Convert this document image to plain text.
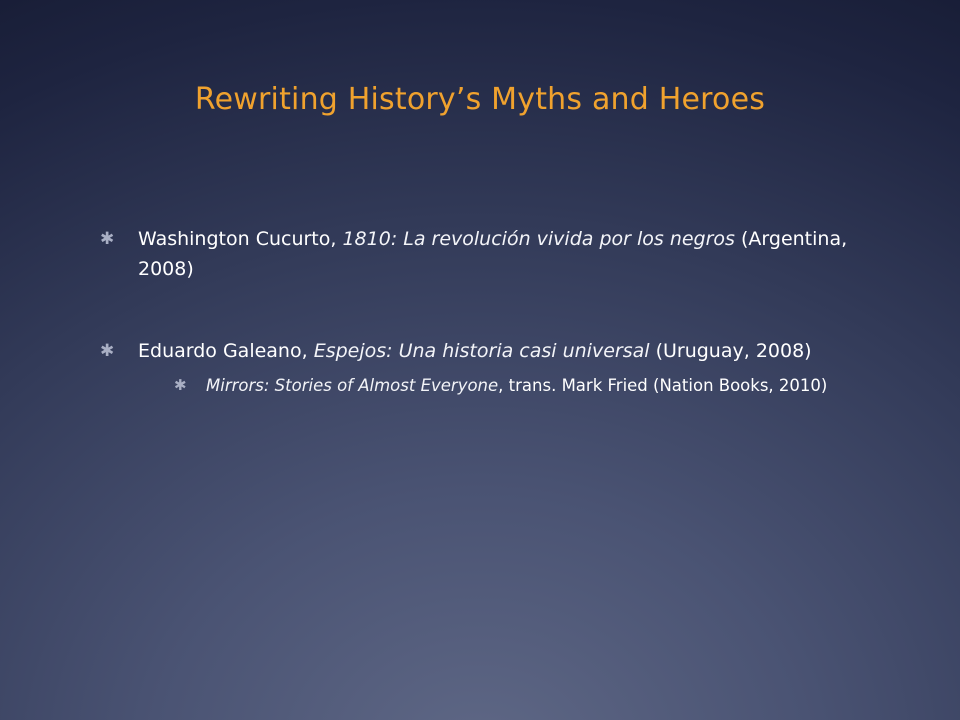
Rewriting History’s Myths and Heroes
✱	Washington Cucurto, 1810: La revolución vivida por los negros (Argentina, 2008)
✱	Eduardo Galeano, Espejos: Una historia casi universal (Uruguay, 2008)
✱	Mirrors: Stories of Almost Everyone, trans. Mark Fried (Nation Books, 2010)
